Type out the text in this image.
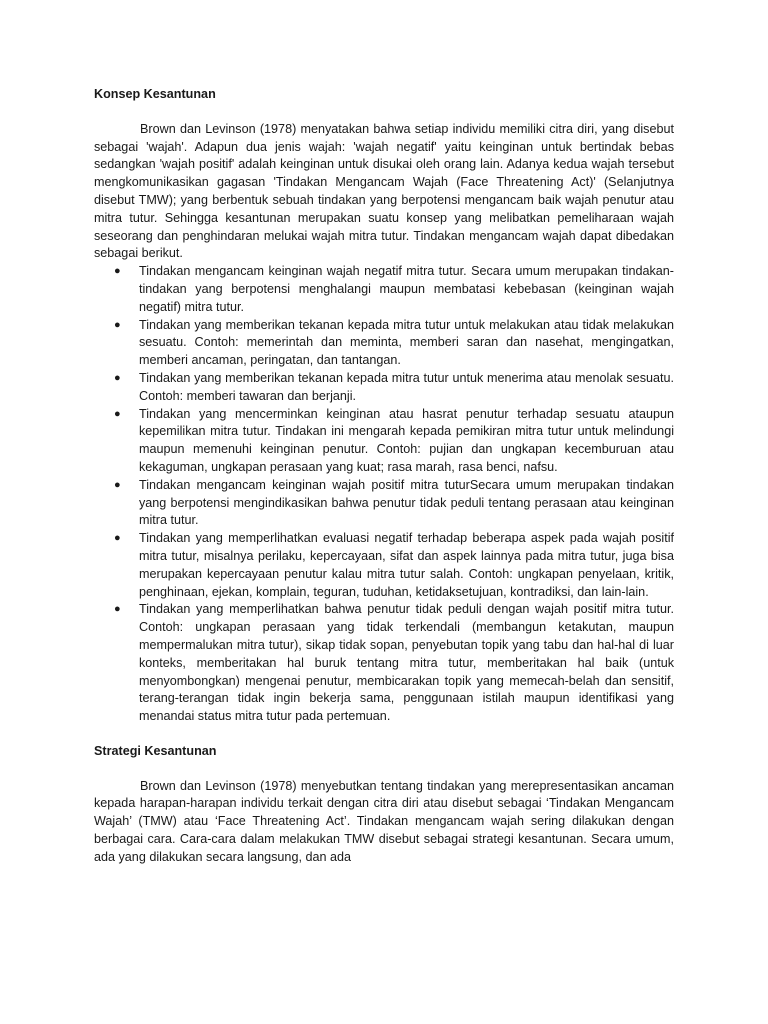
Konsep Kesantunan

Brown dan Levinson (1978) menyatakan bahwa setiap individu memiliki citra diri, yang disebut sebagai 'wajah'. Adapun dua jenis wajah: 'wajah negatif' yaitu keinginan untuk bertindak bebas sedangkan 'wajah positif' adalah keinginan untuk disukai oleh orang lain. Adanya kedua wajah tersebut mengkomunikasikan gagasan 'Tindakan Mengancam Wajah (Face Threatening Act)' (Selanjutnya disebut TMW); yang berbentuk sebuah tindakan yang berpotensi mengancam baik wajah penutur atau mitra tutur. Sehingga kesantunan merupakan suatu konsep yang melibatkan pemeliharaan wajah seseorang dan penghindaran melukai wajah mitra tutur. Tindakan mengancam wajah dapat dibedakan sebagai berikut.

● Tindakan mengancam keinginan wajah negatif mitra tutur. Secara umum merupakan tindakan-tindakan yang berpotensi menghalangi maupun membatasi kebebasan (keinginan wajah negatif) mitra tutur.
● Tindakan yang memberikan tekanan kepada mitra tutur untuk melakukan atau tidak melakukan sesuatu. Contoh: memerintah dan meminta, memberi saran dan nasehat, mengingatkan, memberi ancaman, peringatan, dan tantangan.
● Tindakan yang memberikan tekanan kepada mitra tutur untuk menerima atau menolak sesuatu. Contoh: memberi tawaran dan berjanji.
● Tindakan yang mencerminkan keinginan atau hasrat penutur terhadap sesuatu ataupun kepemilikan mitra tutur. Tindakan ini mengarah kepada pemikiran mitra tutur untuk melindungi maupun memenuhi keinginan penutur. Contoh: pujian dan ungkapan kecemburuan atau kekaguman, ungkapan perasaan yang kuat; rasa marah, rasa benci, nafsu.
● Tindakan mengancam keinginan wajah positif mitra tuturSecara umum merupakan tindakan yang berpotensi mengindikasikan bahwa penutur tidak peduli tentang perasaan atau keinginan mitra tutur.
● Tindakan yang memperlihatkan evaluasi negatif terhadap beberapa aspek pada wajah positif mitra tutur, misalnya perilaku, kepercayaan, sifat dan aspek lainnya pada mitra tutur, juga bisa merupakan kepercayaan penutur kalau mitra tutur salah. Contoh: ungkapan penyelaan, kritik, penghinaan, ejekan, komplain, teguran, tuduhan, ketidaksetujuan, kontradiksi, dan lain-lain.
● Tindakan yang memperlihatkan bahwa penutur tidak peduli dengan wajah positif mitra tutur. Contoh: ungkapan perasaan yang tidak terkendali (membangun ketakutan, maupun mempermalukan mitra tutur), sikap tidak sopan, penyebutan topik yang tabu dan hal-hal di luar konteks, memberitakan hal buruk tentang mitra tutur, memberitakan hal baik (untuk menyombongkan) mengenai penutur, membicarakan topik yang memecah-belah dan sensitif, terang-terangan tidak ingin bekerja sama, penggunaan istilah maupun identifikasi yang menandai status mitra tutur pada pertemuan.

Strategi Kesantunan

Brown dan Levinson (1978) menyebutkan tentang tindakan yang merepresentasikan ancaman kepada harapan-harapan individu terkait dengan citra diri atau disebut sebagai ‘Tindakan Mengancam Wajah’ (TMW) atau ‘Face Threatening Act’. Tindakan mengancam wajah sering dilakukan dengan berbagai cara. Cara-cara dalam melakukan TMW disebut sebagai strategi kesantunan. Secara umum, ada yang dilakukan secara langsung, dan ada
